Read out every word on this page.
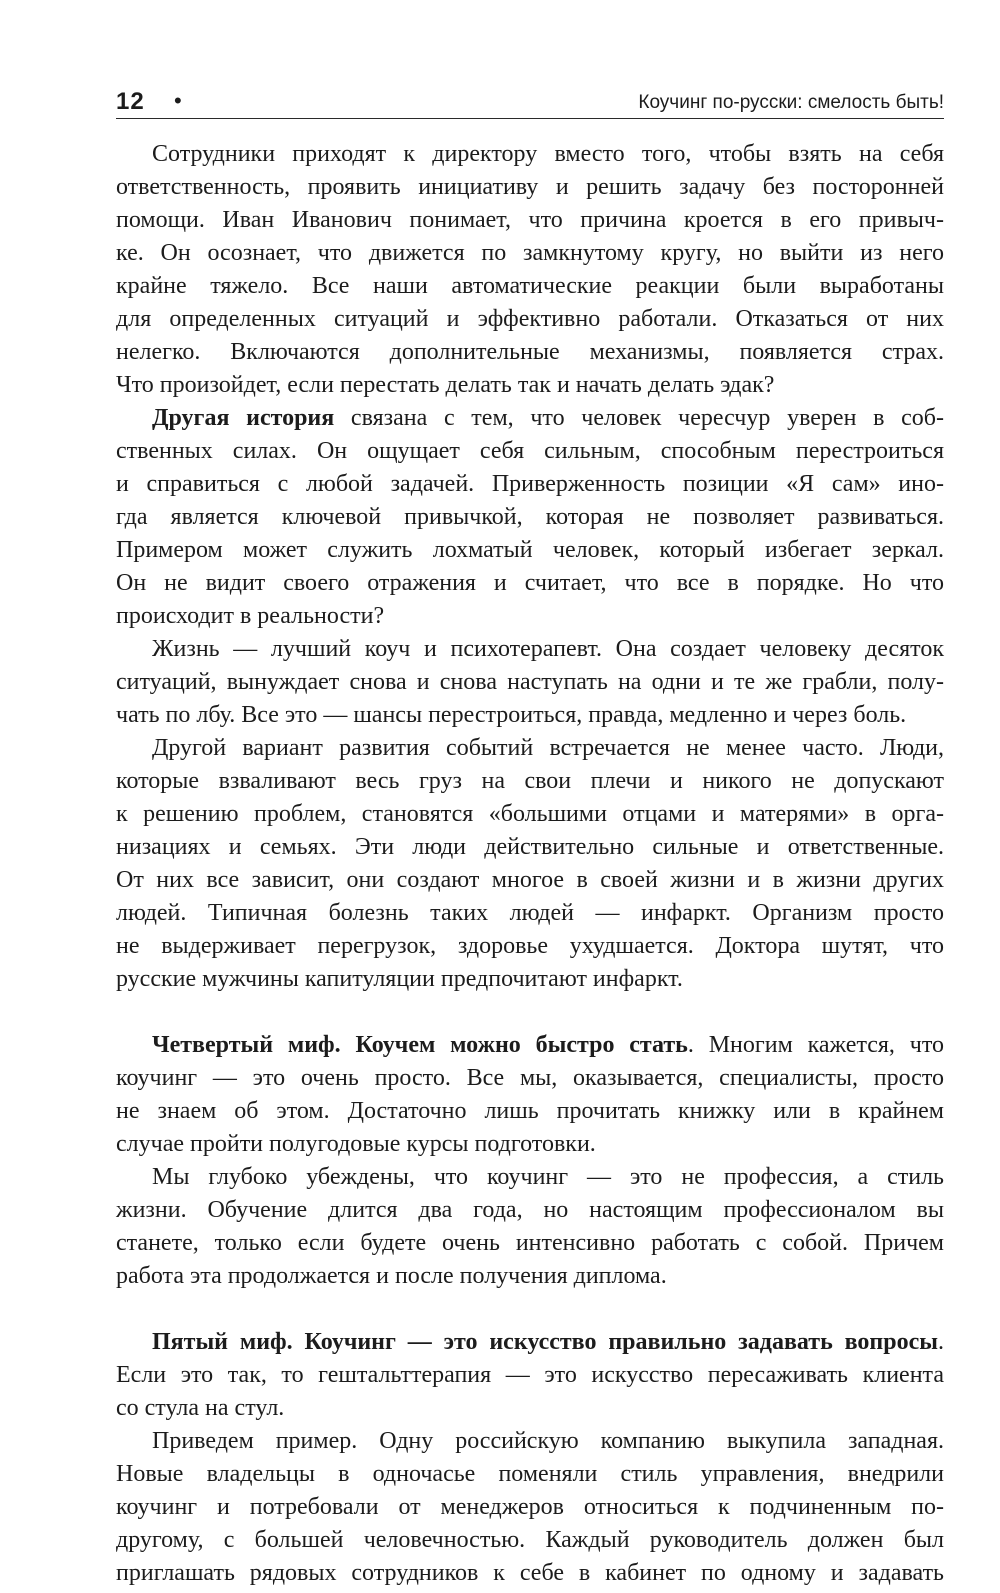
12 •	Коучинг по-русски: смелость быть!

Сотрудники приходят к директору вместо того, чтобы взять на себя

ответственность, проявить инициативу и решить задачу без посторонней

помощи. Иван Иванович понимает, что причина кроется в его привыч-

ке. Он осознает, что движется по замкнутому кругу, но выйти из него

крайне тяжело. Все наши автоматические реакции были выработаны

для определенных ситуаций и эффективно работали. Отказаться от них

нелегко. Включаются дополнительные механизмы, появляется страх.

Что произойдет, если перестать делать так и начать делать эдак?

Другая история связана с тем, что человек чересчур уверен в соб-

ственных силах. Он ощущает себя сильным, способным перестроиться

и справиться с любой задачей. Приверженность позиции «Я сам» ино-

гда является ключевой привычкой, которая не позволяет развиваться.

Примером может служить лохматый человек, который избегает зеркал.

Он не видит своего отражения и считает, что все в порядке. Но что

происходит в реальности?

Жизнь — лучший коуч и психотерапевт. Она создает человеку десяток

ситуаций, вынуждает снова и снова наступать на одни и те же грабли, полу-

чать по лбу. Все это — шансы перестроиться, правда, медленно и через боль.

Другой вариант развития событий встречается не менее часто. Люди,

которые взваливают весь груз на свои плечи и никого не допускают

к решению проблем, становятся «большими отцами и матерями» в орга-

низациях и семьях. Эти люди действительно сильные и ответственные.

От них все зависит, они создают многое в своей жизни и в жизни других

людей. Типичная болезнь таких людей — инфаркт. Организм просто

не выдерживает перегрузок, здоровье ухудшается. Доктора шутят, что

русские мужчины капитуляции предпочитают инфаркт.

Четвертый миф. Коучем можно быстро стать. Многим кажется, что

коучинг — это очень просто. Все мы, оказывается, специалисты, просто

не знаем об этом. Достаточно лишь прочитать книжку или в крайнем

случае пройти полугодовые курсы подготовки.

Мы глубоко убеждены, что коучинг — это не профессия, а стиль

жизни. Обучение длится два года, но настоящим профессионалом вы

станете, только если будете очень интенсивно работать с собой. Причем

работа эта продолжается и после получения диплома.

Пятый миф. Коучинг — это искусство правильно задавать вопросы.

Если это так, то гештальттерапия — это искусство пересаживать клиента

со стула на стул.

Приведем пример. Одну российскую компанию выкупила западная.

Новые владельцы в одночасье поменяли стиль управления, внедрили

коучинг и потребовали от менеджеров относиться к подчиненным по-

другому, с большей человечностью. Каждый руководитель должен был

приглашать рядовых сотрудников к себе в кабинет по одному и задавать
